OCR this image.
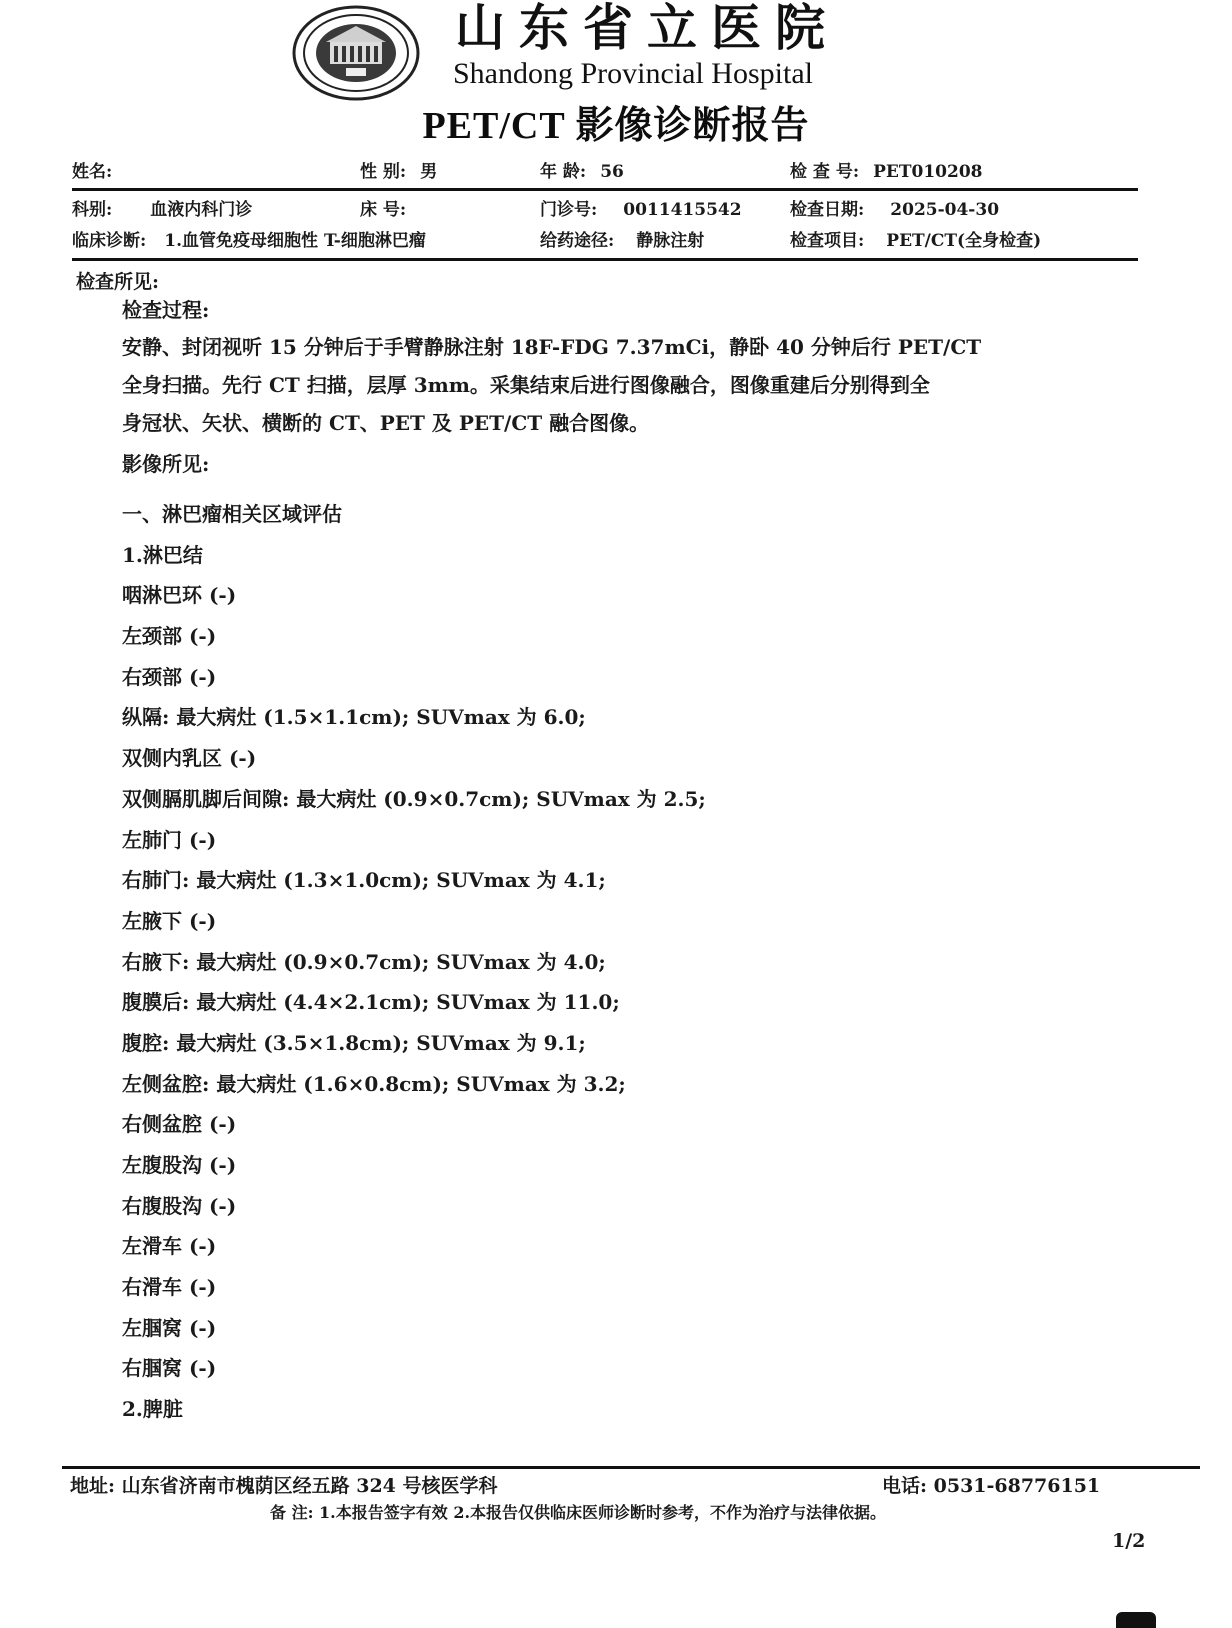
山东省立医院
Shandong Provincial Hospital
PET/CT 影像诊断报告
姓名:	性 别: 男	年 龄: 56	检 查 号: PET010208
科别: 血液内科门诊	床 号:	门诊号: 0011415542	检查日期: 2025-04-30
临床诊断: 1.血管免疫母细胞性 T-细胞淋巴瘤	给药途径: 静脉注射	检查项目: PET/CT(全身检查)
检查所见:
检查过程:
安静、封闭视听 15 分钟后于手臂静脉注射 18F-FDG 7.37mCi，静卧 40 分钟后行 PET/CT
全身扫描。先行 CT 扫描，层厚 3mm。采集结束后进行图像融合，图像重建后分别得到全
身冠状、矢状、横断的 CT、PET 及 PET/CT 融合图像。
影像所见:
一、淋巴瘤相关区域评估
1.淋巴结
咽淋巴环 (-)
左颈部 (-)
右颈部 (-)
纵隔: 最大病灶 (1.5×1.1cm); SUVmax 为 6.0;
双侧内乳区 (-)
双侧膈肌脚后间隙: 最大病灶 (0.9×0.7cm); SUVmax 为 2.5;
左肺门 (-)
右肺门: 最大病灶 (1.3×1.0cm); SUVmax 为 4.1;
左腋下 (-)
右腋下: 最大病灶 (0.9×0.7cm); SUVmax 为 4.0;
腹膜后: 最大病灶 (4.4×2.1cm); SUVmax 为 11.0;
腹腔: 最大病灶 (3.5×1.8cm); SUVmax 为 9.1;
左侧盆腔: 最大病灶 (1.6×0.8cm); SUVmax 为 3.2;
右侧盆腔 (-)
左腹股沟 (-)
右腹股沟 (-)
左滑车 (-)
右滑车 (-)
左腘窝 (-)
右腘窝 (-)
2.脾脏
地址: 山东省济南市槐荫区经五路 324 号核医学科	电话: 0531-68776151
备 注: 1.本报告签字有效 2.本报告仅供临床医师诊断时参考，不作为治疗与法律依据。
1/2
